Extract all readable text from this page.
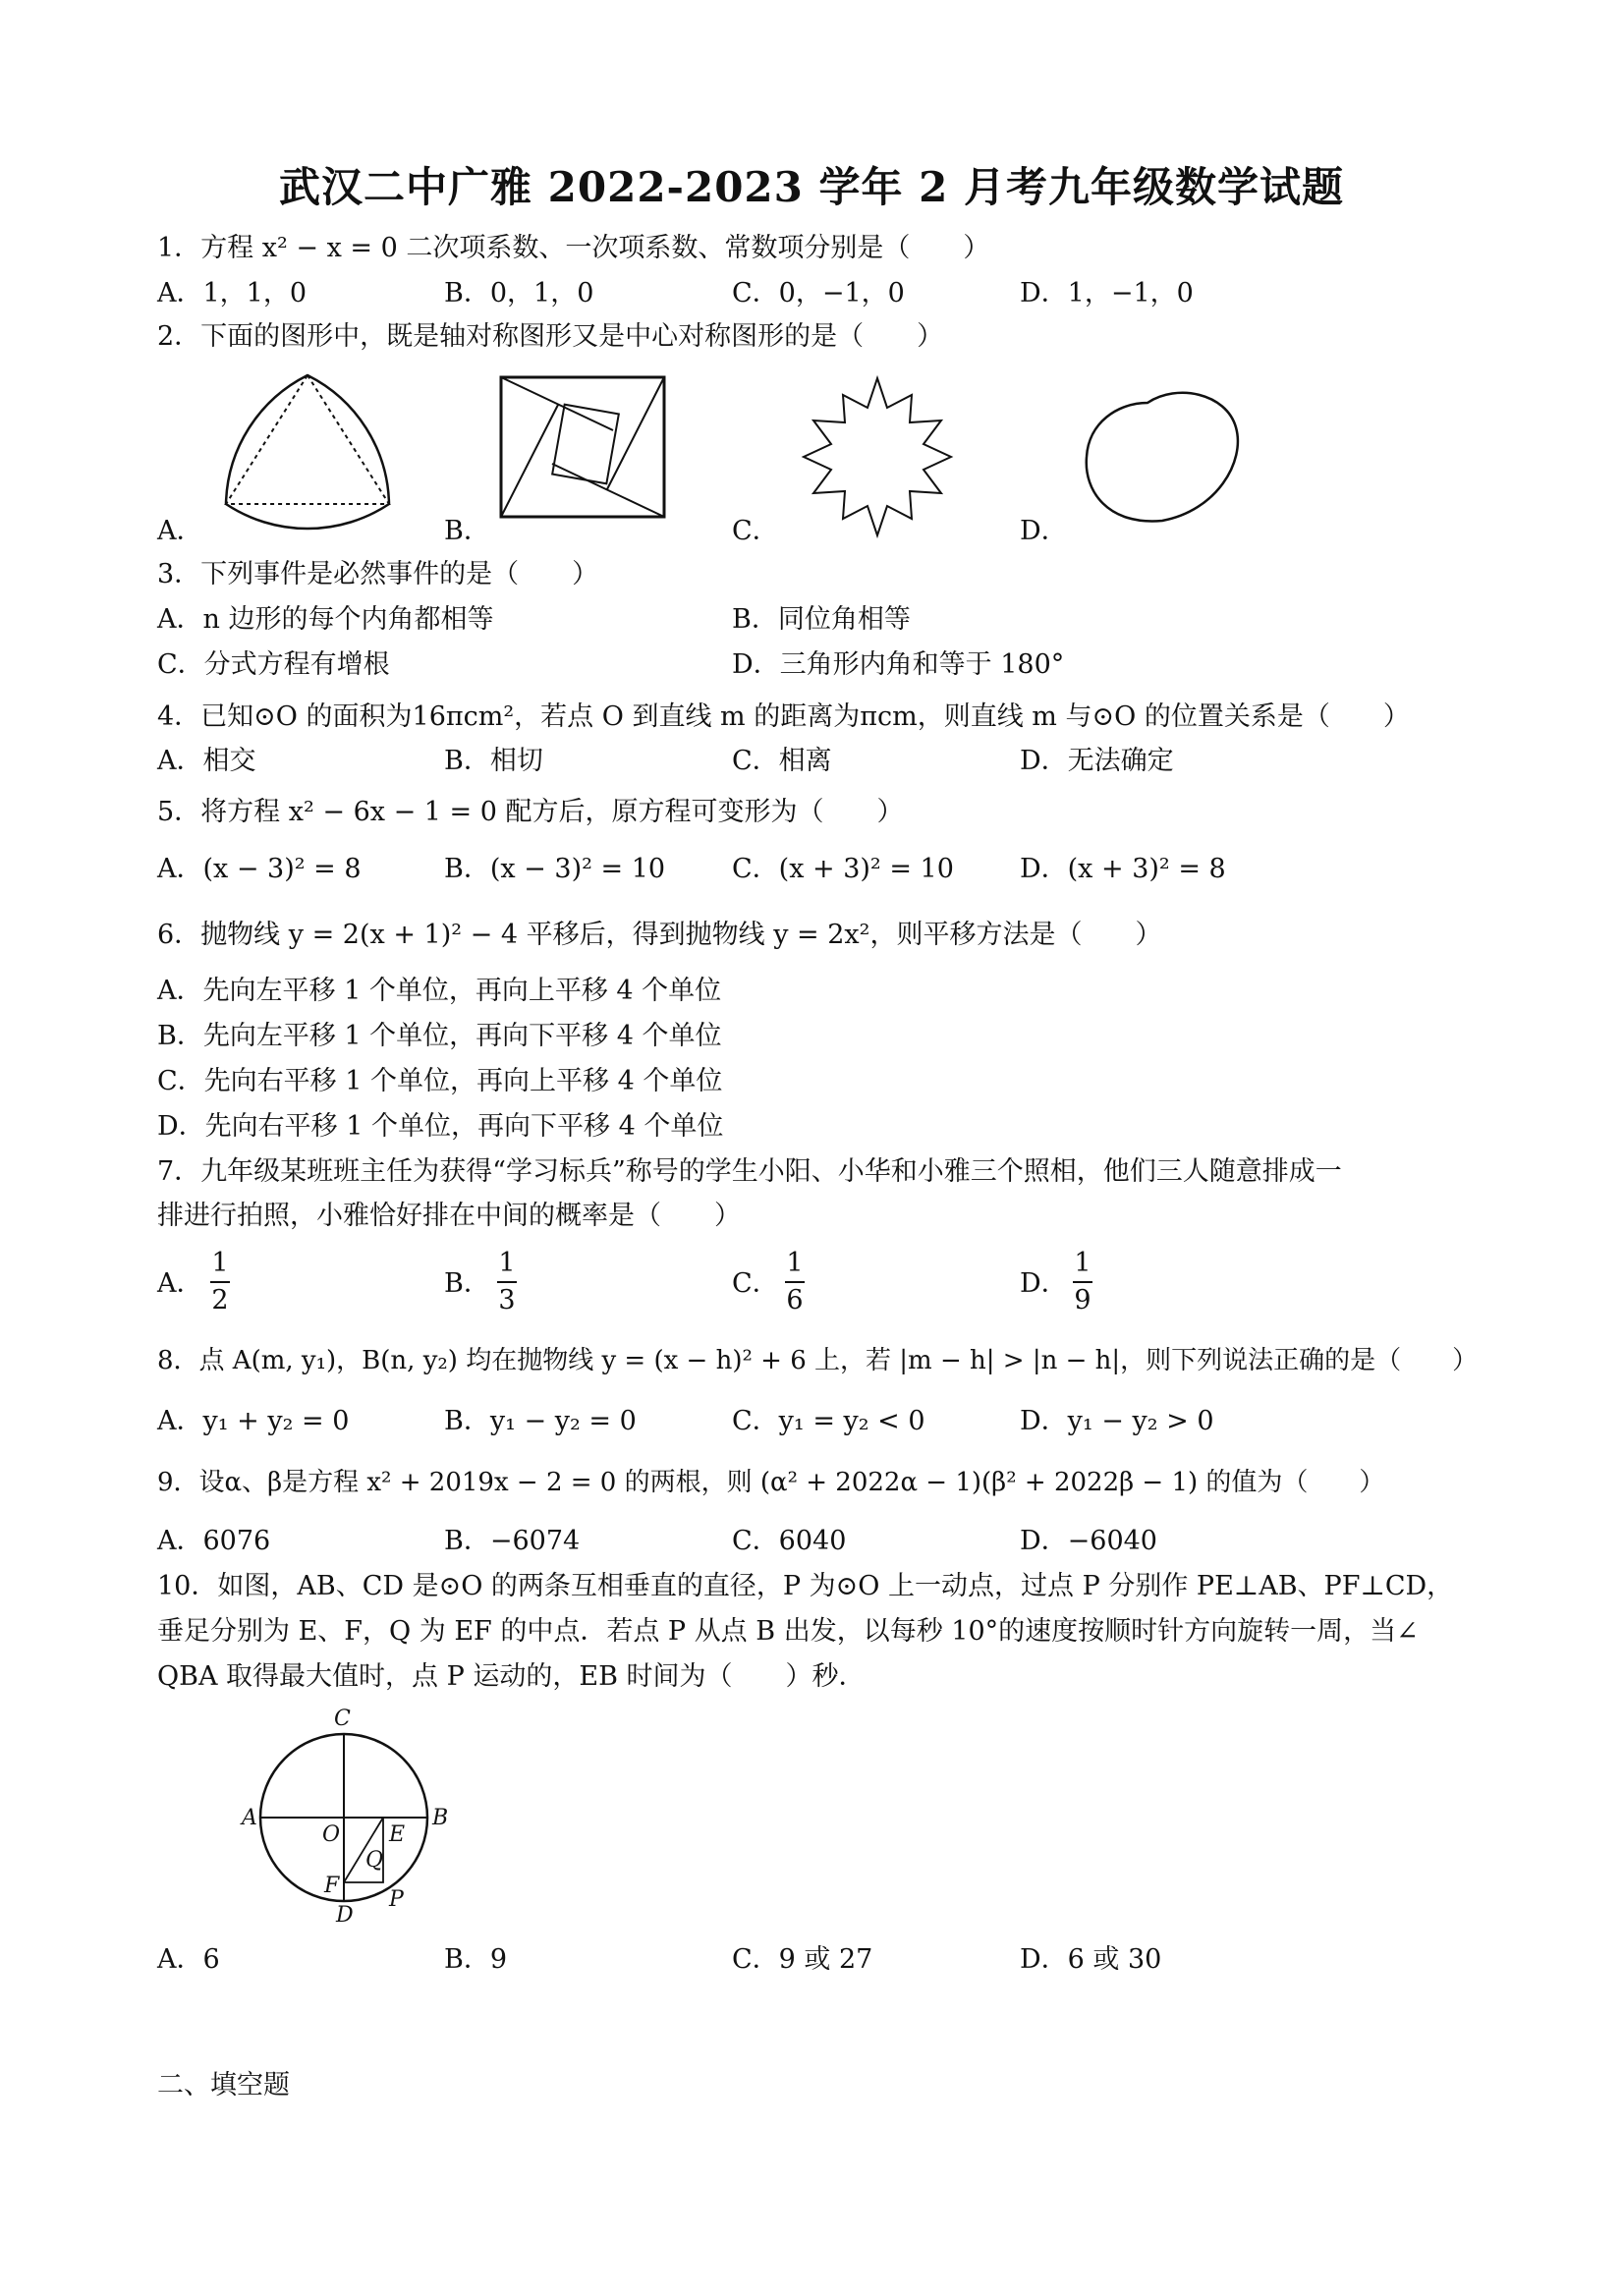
武汉二中广雅 2022-2023 学年 2 月考九年级数学试题
1．方程 x² − x = 0 二次项系数、一次项系数、常数项分别是（　　）
A．1，1，0	B．0，1，0	C．0，−1，0	D．1，−1，0
2．下面的图形中，既是轴对称图形又是中心对称图形的是（　　）
A．	B．	C．	D．
3．下列事件是必然事件的是（　　）
A．n 边形的每个内角都相等	B．同位角相等
C．分式方程有增根	D．三角形内角和等于 180°
4．已知⊙O 的面积为16πcm²，若点 O 到直线 m 的距离为πcm，则直线 m 与⊙O 的位置关系是（　　）
A．相交	B．相切	C．相离	D．无法确定
5．将方程 x² − 6x − 1 = 0 配方后，原方程可变形为（　　）
A．(x − 3)² = 8	B．(x − 3)² = 10	C．(x + 3)² = 10 D．(x + 3)² = 8
6．抛物线 y = 2(x + 1)² − 4 平移后，得到抛物线 y = 2x²，则平移方法是（　　）
A．先向左平移 1 个单位，再向上平移 4 个单位
B．先向左平移 1 个单位，再向下平移 4 个单位
C．先向右平移 1 个单位，再向上平移 4 个单位
D．先向右平移 1 个单位，再向下平移 4 个单位
7．九年级某班班主任为获得“学习标兵”称号的学生小阳、小华和小雅三个照相，他们三人随意排成一
排进行拍照，小雅恰好排在中间的概率是（　　）
A．
1
2
B．
1
3
C．
1
6
D．
1
9
8．点 A(m, y₁)，B(n, y₂) 均在抛物线 y = (x − h)² + 6 上，若 |m − h| > |n − h|，则下列说法正确的是（　　）
A．y₁ + y₂ = 0	B．y₁ − y₂ = 0	C．y₁ = y₂ < 0	D．y₁ − y₂ > 0
9．设α、β是方程 x² + 2019x − 2 = 0 的两根，则 (α² + 2022α − 1)(β² + 2022β − 1) 的值为（　　）
A．6076	B．−6074	C．6040	D．−6040
10．如图，AB、CD 是⊙O 的两条互相垂直的直径，P 为⊙O 上一动点，过点 P 分别作 PE⊥AB、PF⊥CD，
垂足分别为 E、F，Q 为 EF 的中点．若点 P 从点 B 出发，以每秒 10°的速度按顺时针方向旋转一周，当∠
QBA 取得最大值时，点 P 运动的，EB 时间为（　　）秒．
C
A
O E
B
Q
F
D
P
A．6	B．9	C．9 或 27	D．6 或 30
二、填空题
